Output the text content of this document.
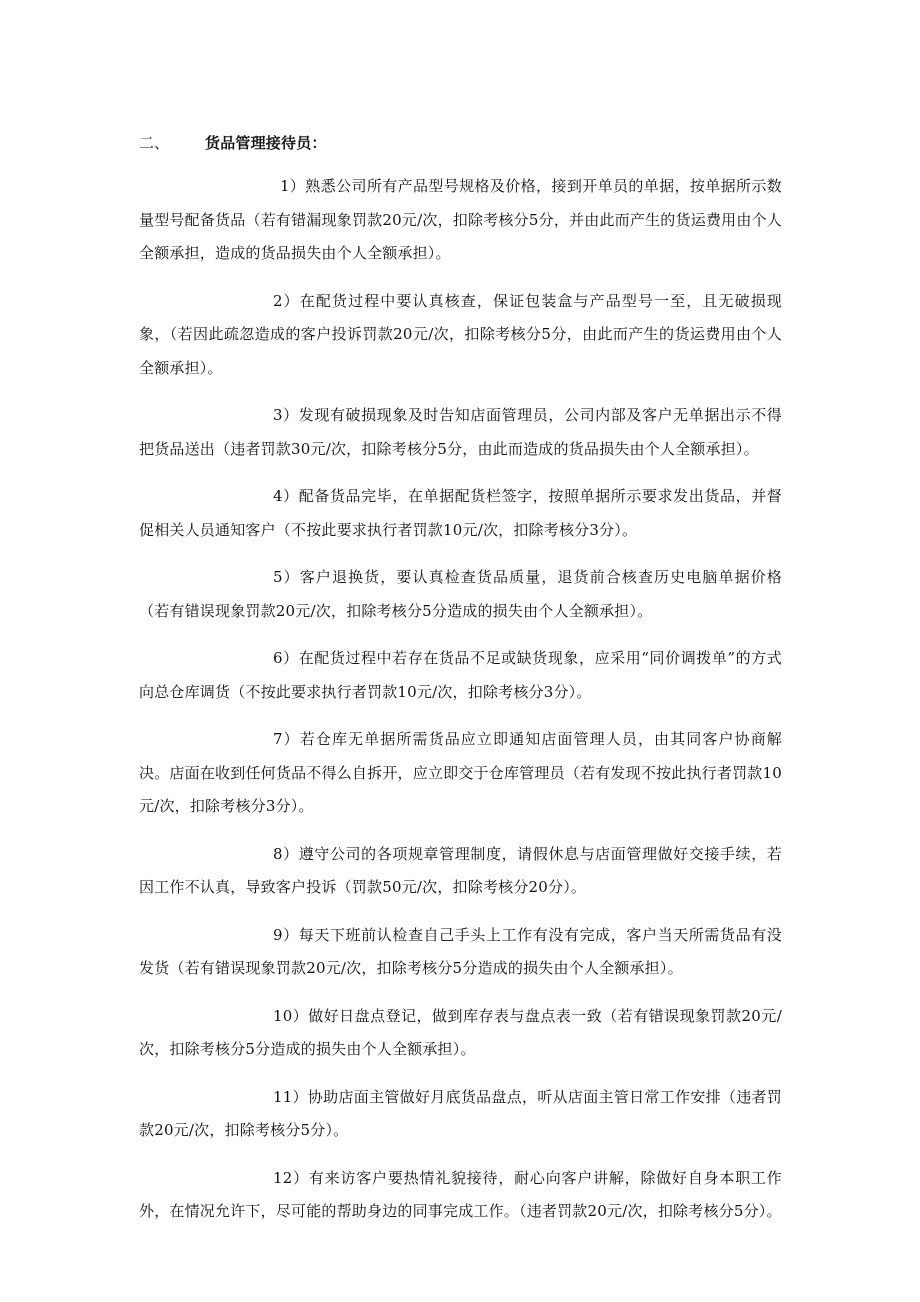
二、 货品管理接待员：

1）熟悉公司所有产品型号规格及价格，接到开单员的单据，按单据所示数量型号配备货品（若有错漏现象罚款20元/次，扣除考核分5分，并由此而产生的货运费用由个人全额承担，造成的货品损失由个人全额承担）。

2）在配货过程中要认真核查，保证包装盒与产品型号一至，且无破损现象，（若因此疏忽造成的客户投诉罚款20元/次，扣除考核分5分，由此而产生的货运费用由个人全额承担）。

3）发现有破损现象及时告知店面管理员，公司内部及客户无单据出示不得把货品送出（违者罚款30元/次，扣除考核分5分，由此而造成的货品损失由个人全额承担）。

4）配备货品完毕，在单据配货栏签字，按照单据所示要求发出货品，并督促相关人员通知客户（不按此要求执行者罚款10元/次，扣除考核分3分）。

5）客户退换货，要认真检查货品质量，退货前合核查历史电脑单据价格（若有错误现象罚款20元/次，扣除考核分5分造成的损失由个人全额承担）。

6）在配货过程中若存在货品不足或缺货现象，应采用“同价调拨单”的方式向总仓库调货（不按此要求执行者罚款10元/次，扣除考核分3分）。

7）若仓库无单据所需货品应立即通知店面管理人员，由其同客户协商解决。店面在收到任何货品不得么自拆开，应立即交于仓库管理员（若有发现不按此执行者罚款10元/次，扣除考核分3分）。

8）遵守公司的各项规章管理制度，请假休息与店面管理做好交接手续，若因工作不认真，导致客户投诉（罚款50元/次，扣除考核分20分）。

9）每天下班前认检查自己手头上工作有没有完成，客户当天所需货品有没发货（若有错误现象罚款20元/次，扣除考核分5分造成的损失由个人全额承担）。

10）做好日盘点登记，做到库存表与盘点表一致（若有错误现象罚款20元/次，扣除考核分5分造成的损失由个人全额承担）。

11）协助店面主管做好月底货品盘点，听从店面主管日常工作安排（违者罚款20元/次，扣除考核分5分）。

12）有来访客户要热情礼貌接待，耐心向客户讲解，除做好自身本职工作外，在情况允许下，尽可能的帮助身边的同事完成工作。（违者罚款20元/次，扣除考核分5分）。
